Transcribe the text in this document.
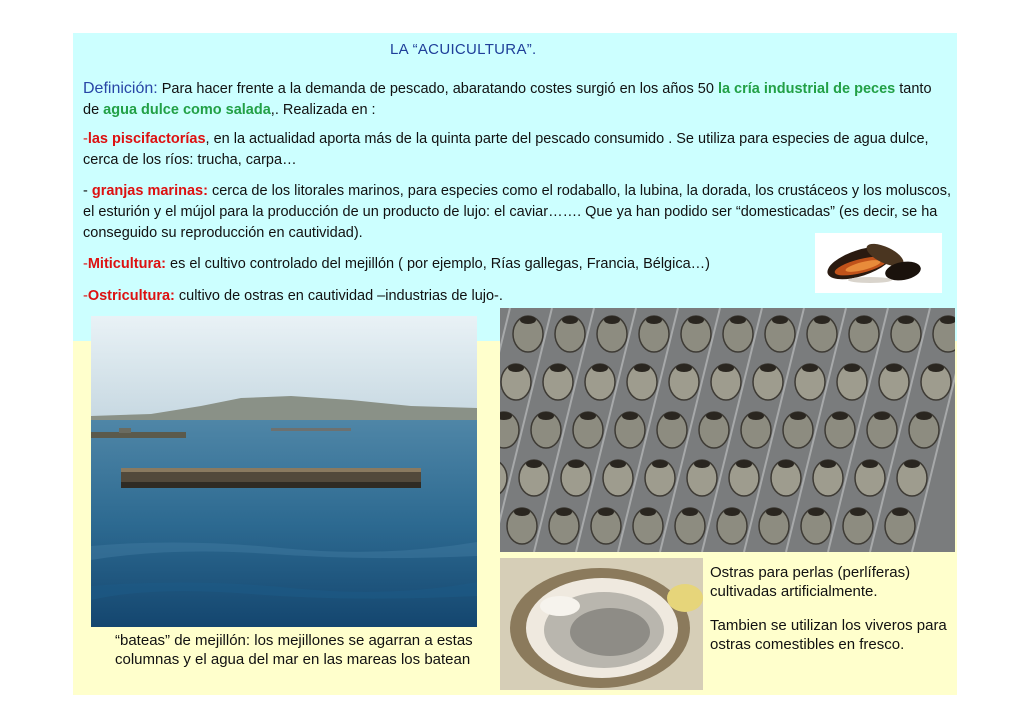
LA “ACUICULTURA”.
Definición: Para hacer frente a la demanda de pescado, abaratando costes surgió en los años 50 la cría industrial de peces tanto de agua dulce como salada,. Realizada en :
-las piscifactorías, en la actualidad aporta más de la quinta parte del pescado consumido . Se utiliza para especies de agua dulce, cerca de los ríos: trucha, carpa…
- granjas marinas: cerca de los litorales marinos, para especies como el rodaballo, la lubina, la dorada, los crustáceos y los moluscos, el esturión y el mújol para la producción de un producto de lujo: el caviar……. Que ya han podido ser “domesticadas” (es decir, se ha conseguido su reproducción en cautividad).
-Miticultura: es el cultivo controlado del mejillón ( por ejemplo, Rías gallegas, Francia, Bélgica…)
-Ostricultura: cultivo de ostras en cautividad –industrias de lujo-.
“bateas” de mejillón: los mejillones se agarran a estas columnas y el agua del mar en las mareas los batean
Ostras para perlas (perlíferas) cultivadas artificialmente.
Tambien se utilizan los viveros para ostras comestibles en fresco.
